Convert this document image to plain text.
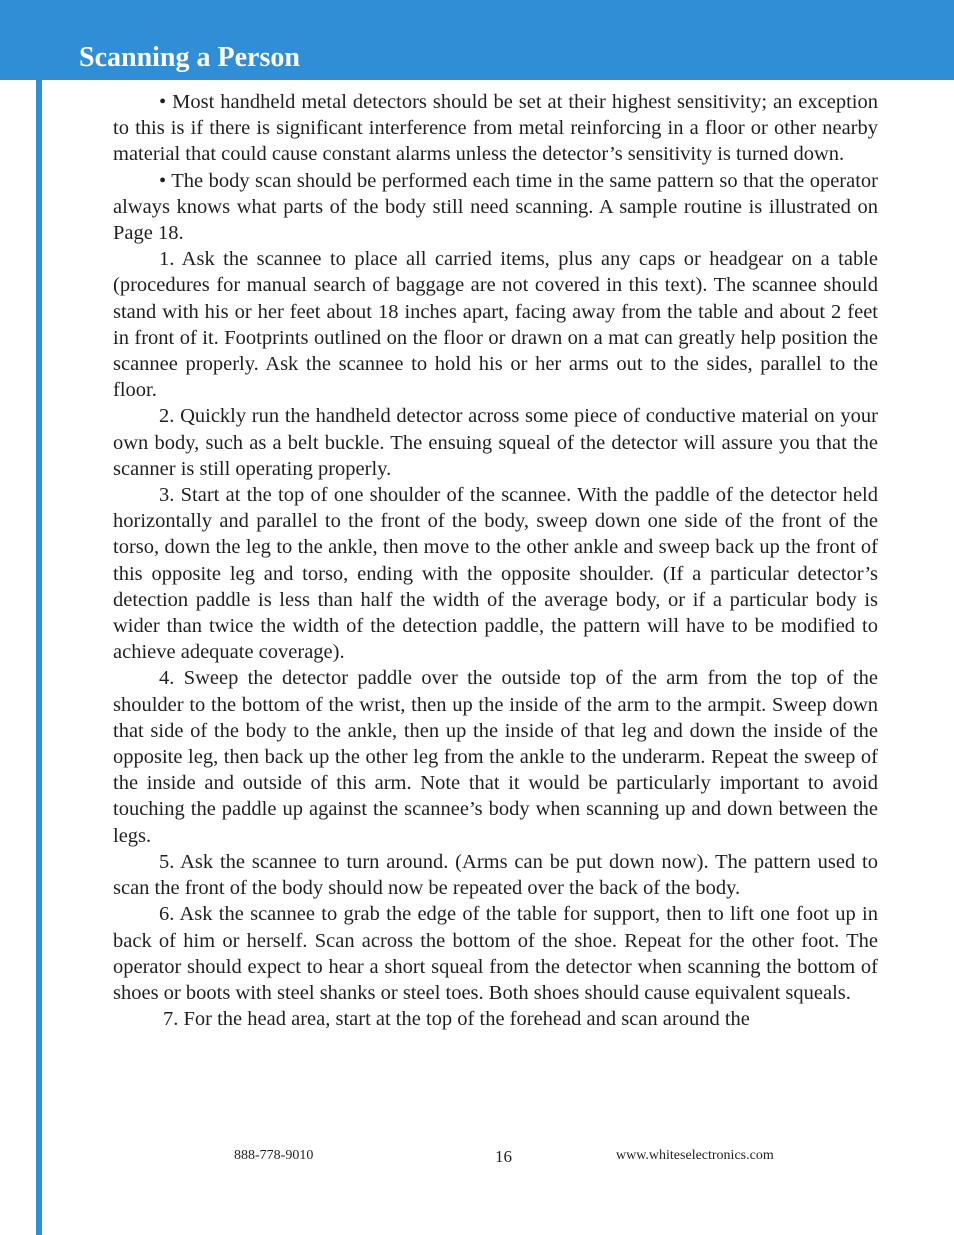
Scanning a Person

• Most handheld metal detectors should be set at their highest sensitivity; an exception to this is if there is significant interference from metal reinforcing in a floor or other nearby material that could cause constant alarms unless the detector’s sensitivity is turned down.

• The body scan should be performed each time in the same pattern so that the operator always knows what parts of the body still need scanning. A sample routine is illustrated on Page 18.

1. Ask the scannee to place all carried items, plus any caps or headgear on a table (procedures for manual search of baggage are not covered in this text). The scannee should stand with his or her feet about 18 inches apart, facing away from the table and about 2 feet in front of it. Footprints outlined on the floor or drawn on a mat can greatly help position the scannee properly. Ask the scannee to hold his or her arms out to the sides, parallel to the floor.

2. Quickly run the handheld detector across some piece of conductive material on your own body, such as a belt buckle. The ensuing squeal of the detector will assure you that the scanner is still operating properly.

3. Start at the top of one shoulder of the scannee. With the paddle of the detector held horizontally and parallel to the front of the body, sweep down one side of the front of the torso, down the leg to the ankle, then move to the other ankle and sweep back up the front of this opposite leg and torso, ending with the opposite shoulder. (If a particular detector’s detection paddle is less than half the width of the average body, or if a particular body is wider than twice the width of the detection paddle, the pattern will have to be modified to achieve adequate coverage).

4. Sweep the detector paddle over the outside top of the arm from the top of the shoulder to the bottom of the wrist, then up the inside of the arm to the armpit. Sweep down that side of the body to the ankle, then up the inside of that leg and down the inside of the opposite leg, then back up the other leg from the ankle to the underarm. Repeat the sweep of the inside and outside of this arm. Note that it would be particularly important to avoid touching the paddle up against the scannee’s body when scanning up and down between the legs.

5. Ask the scannee to turn around. (Arms can be put down now). The pattern used to scan the front of the body should now be repeated over the back of the body.

6. Ask the scannee to grab the edge of the table for support, then to lift one foot up in back of him or herself. Scan across the bottom of the shoe. Repeat for the other foot. The operator should expect to hear a short squeal from the detector when scanning the bottom of shoes or boots with steel shanks or steel toes. Both shoes should cause equivalent squeals.

7. For the head area, start at the top of the forehead and scan around the

888-778-9010	16	www.whiteselectronics.com
